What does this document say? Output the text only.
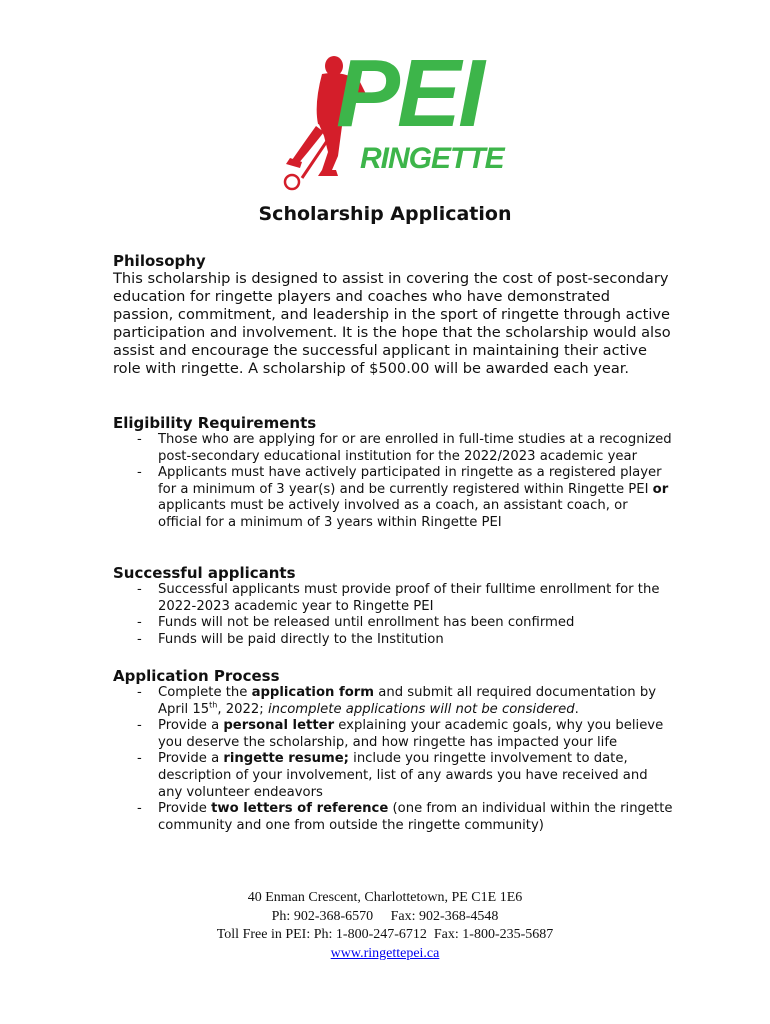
PEI
RINGETTE
Scholarship Application
Philosophy

This scholarship is designed to assist in covering the cost of post-secondary education for ringette players and coaches who have demonstrated passion, commitment, and leadership in the sport of ringette through active participation and involvement. It is the hope that the scholarship would also assist and encourage the successful applicant in maintaining their active role with ringette. A scholarship of $500.00 will be awarded each year.

Eligibility Requirements
- Those who are applying for or are enrolled in full-time studies at a recognized post-secondary educational institution for the 2022/2023 academic year
- Applicants must have actively participated in ringette as a registered player for a minimum of 3 year(s) and be currently registered within Ringette PEI or applicants must be actively involved as a coach, an assistant coach, or official for a minimum of 3 years within Ringette PEI
Successful applicants
- Successful applicants must provide proof of their fulltime enrollment for the 2022-2023 academic year to Ringette PEI
- Funds will not be released until enrollment has been confirmed
- Funds will be paid directly to the Institution
Application Process
- Complete the application form and submit all required documentation by April 15th, 2022; incomplete applications will not be considered.
- Provide a personal letter explaining your academic goals, why you believe you deserve the scholarship, and how ringette has impacted your life
- Provide a ringette resume; include you ringette involvement to date, description of your involvement, list of any awards you have received and any volunteer endeavors
- Provide two letters of reference (one from an individual within the ringette community and one from outside the ringette community)
40 Enman Crescent, Charlottetown, PE C1E 1E6
Ph: 902-368-6570 Fax: 902-368-4548
Toll Free in PEI: Ph: 1-800-247-6712  Fax: 1-800-235-5687
www.ringettepei.ca
